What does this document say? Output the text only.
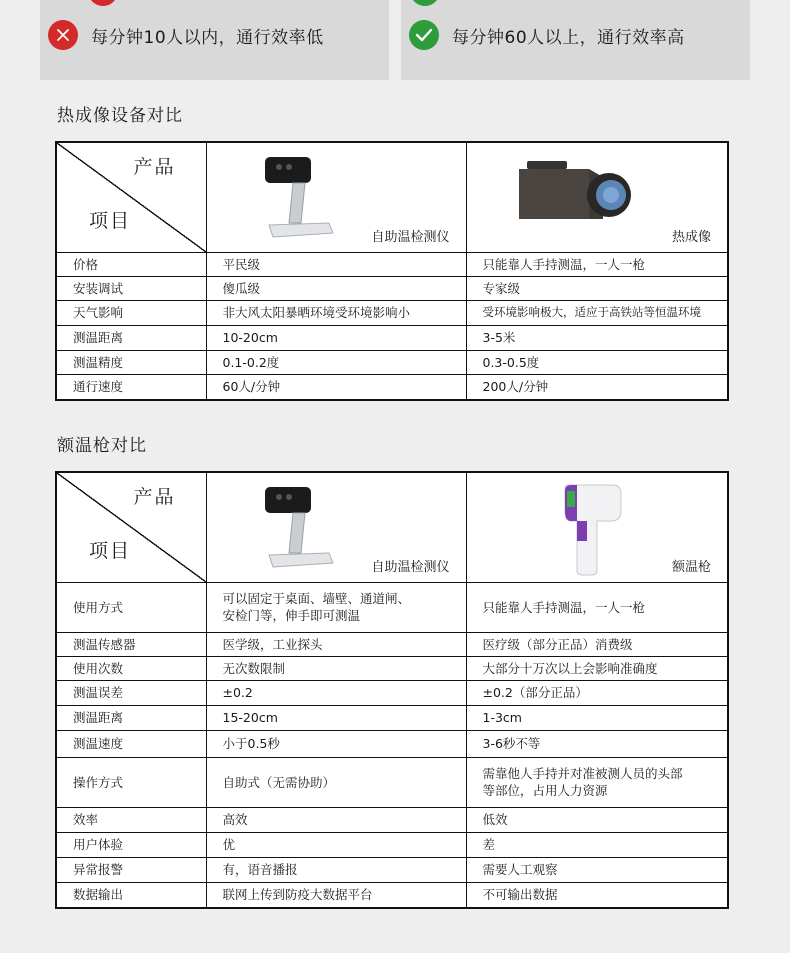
每分钟10人以内，通行效率低	每分钟60人以上，通行效率高
热成像设备对比
产品
项目	自助温检测仪	热成像

价格	平民级	只能靠人手持测温，一人一枪
安装调试	傻瓜级	专家级
天气影响	非大风太阳暴晒环境受环境影响小	受环境影响极大，适应于高铁站等恒温环境
测温距离	10-20cm	3-5米
测温精度	0.1-0.2度	0.3-0.5度
通行速度	60人/分钟	200人/分钟
额温枪对比
产品
项目	自助温检测仪	额温枪

使用方式	可以固定于桌面、墙壁、通道闸、
安检门等，伸手即可测温	只能靠人手持测温，一人一枪
测温传感器	医学级，工业探头	医疗级（部分正品）消费级
使用次数	无次数限制	大部分十万次以上会影响准确度
测温误差	±0.2	±0.2（部分正品）
测温距离	15-20cm	1-3cm
测温速度	小于0.5秒	3-6秒不等
操作方式	自助式（无需协助）	需靠他人手持并对准被测人员的头部
等部位，占用人力资源

效率	高效	低效
用户体验	优	差
异常报警	有，语音播报	需要人工观察
数据输出	联网上传到防疫大数据平台	不可输出数据
